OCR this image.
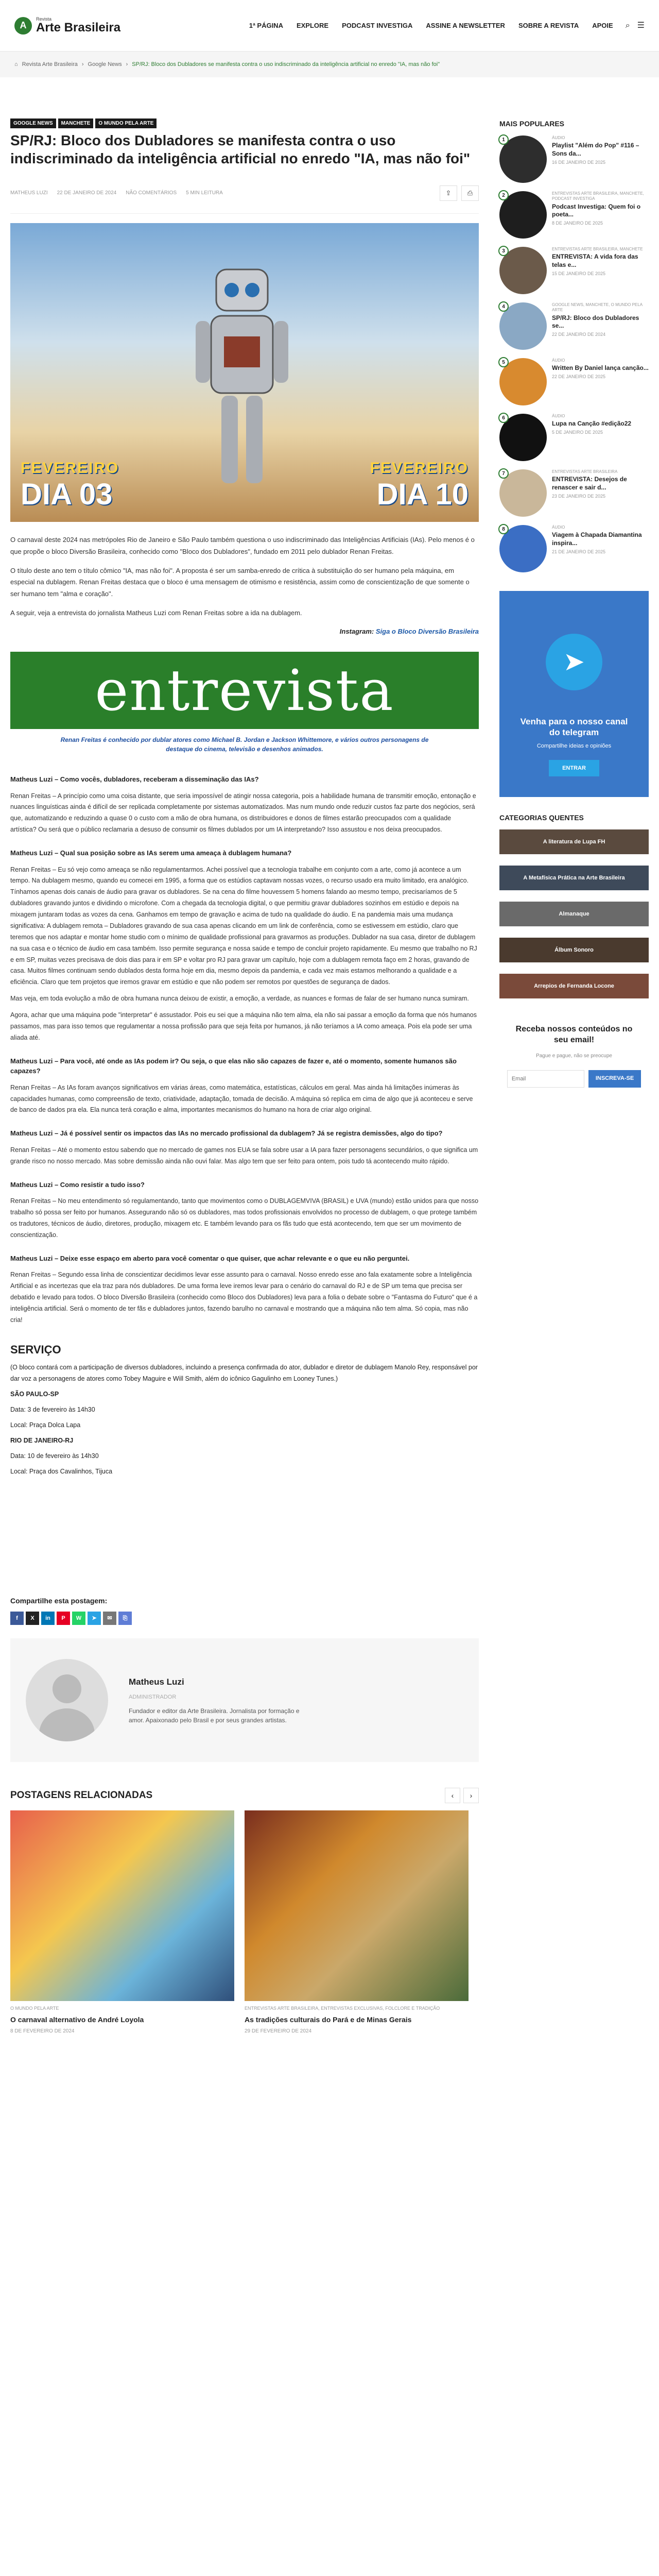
A
Revista
Arte Brasileira	1ª PÁGINA EXPLORE PODCAST INVESTIGA ASSINE A NEWSLETTER SOBRE A REVISTA APOIE ⌕ ☰
⌂ Revista Arte Brasileira › Google News › SP/RJ: Bloco dos Dubladores se manifesta contra o uso indiscriminado da inteligência artificial no enredo "IA, mas não foi"
GOOGLE NEWS	MANCHETE	O MUNDO PELA ARTE
SP/RJ: Bloco dos Dubladores se manifesta contra o uso indiscriminado da inteligência artificial no enredo "IA, mas não foi"
MATHEUS LUZI 22 DE JANEIRO DE 2024 NÃO COMENTÁRIOS 5 MIN LEITURA	⇪	⎙
FEVEREIRO
DIA 03
FEVEREIRO
DIA 10

O carnaval deste 2024 nas metrópoles Rio de Janeiro e São Paulo também questiona o uso indiscriminado das Inteligências Artificiais (IAs). Pelo menos é o que propõe o bloco Diversão Brasileira, conhecido como "Bloco dos Dubladores", fundado em 2011 pelo dublador Renan Freitas.

O título deste ano tem o título cômico "IA, mas não foi". A proposta é ser um samba-enredo de crítica à substituição do ser humano pela máquina, em especial na dublagem. Renan Freitas destaca que o bloco é uma mensagem de otimismo e resistência, assim como de conscientização de que somente o ser humano tem "alma e coração".

A seguir, veja a entrevista do jornalista Matheus Luzi com Renan Freitas sobre a ida na dublagem.

Instagram: Siga o Bloco Diversão Brasileira
entrevista
Renan Freitas é conhecido por dublar atores como Michael B. Jordan e Jackson Whittemore, e vários outros personagens de destaque do cinema, televisão e desenhos animados.
Matheus Luzi – Como vocês, dubladores, receberam a disseminação das IAs?

Renan Freitas – A princípio como uma coisa distante, que seria impossível de atingir nossa categoria, pois a habilidade humana de transmitir emoção, entonação e nuances linguísticas ainda é difícil de ser replicada completamente por sistemas automatizados. Mas num mundo onde reduzir custos faz parte dos negócios, será que, automatizando e reduzindo a quase 0 o custo com a mão de obra humana, os distribuidores e donos de filmes estarão preocupados com a qualidade artística? Ou será que o público reclamaria a desuso de consumir os filmes dublados por um IA interpretando? Isso assustou e nos deixa preocupados.

Matheus Luzi – Qual sua posição sobre as IAs serem uma ameaça à dublagem humana?

Renan Freitas – Eu só vejo como ameaça se não regulamentarmos. Achei possível que a tecnologia trabalhe em conjunto com a arte, como já acontece a um tempo. Na dublagem mesmo, quando eu comecei em 1995, a forma que os estúdios captavam nossas vozes, o recurso usado era muito limitado, era analógico. Tínhamos apenas dois canais de áudio para gravar os dubladores. Se na cena do filme houvessem 5 homens falando ao mesmo tempo, precisaríamos de 5 dubladores gravando juntos e dividindo o microfone. Com a chegada da tecnologia digital, o que permitiu gravar dubladores sozinhos em estúdio e depois na mixagem juntaram todas as vozes da cena. Ganhamos em tempo de gravação e acima de tudo na qualidade do áudio. E na pandemia mais uma mudança significativa: A dublagem remota – Dubladores gravando de sua casa apenas clicando em um link de conferência, como se estivessem em estúdio, claro que teremos que nos adaptar e montar home studio com o mínimo de qualidade profissional para gravarmos as produções. Dublador na sua casa, diretor de dublagem na sua casa e o técnico de áudio em casa também. Isso permite segurança e nossa saúde e tempo de concluir projeto rapidamente. Eu mesmo que trabalho no RJ e em SP, muitas vezes precisava de dois dias para ir em SP e voltar pro RJ para gravar um capítulo, hoje com a dublagem remota faço em 2 horas, gravando de casa. Muitos filmes continuam sendo dublados desta forma hoje em dia, mesmo depois da pandemia, e cada vez mais estamos melhorando a qualidade e a eficiência. Claro que tem projetos que iremos gravar em estúdio e que não podem ser remotos por questões de segurança de dados.

Mas veja, em toda evolução a mão de obra humana nunca deixou de existir, a emoção, a verdade, as nuances e formas de falar de ser humano nunca sumiram.

Agora, achar que uma máquina pode "interpretar" é assustador. Pois eu sei que a máquina não tem alma, ela não sai passar a emoção da forma que nós humanos passamos, mas para isso temos que regulamentar a nossa profissão para que seja feita por humanos, já não teríamos a IA como ameaça. Pois ela pode ser uma aliada até.

Matheus Luzi – Para você, até onde as IAs podem ir? Ou seja, o que elas não são capazes de fazer e, até o momento, somente humanos são capazes?

Renan Freitas – As IAs foram avanços significativos em várias áreas, como matemática, estatísticas, cálculos em geral. Mas ainda há limitações inúmeras às capacidades humanas, como compreensão de texto, criatividade, adaptação, tomada de decisão. A máquina só replica em cima de algo que já aconteceu e serve de banco de dados pra ela. Ela nunca terá coração e alma, importantes mecanismos do humano na hora de criar algo original.

Matheus Luzi – Já é possível sentir os impactos das IAs no mercado profissional da dublagem? Já se registra demissões, algo do tipo?

Renan Freitas – Até o momento estou sabendo que no mercado de games nos EUA se fala sobre usar a IA para fazer personagens secundários, o que significa um grande risco no nosso mercado. Mas sobre demissão ainda não ouvi falar. Mas algo tem que ser feito para ontem, pois tudo tá acontecendo muito rápido.

Matheus Luzi – Como resistir a tudo isso?

Renan Freitas – No meu entendimento só regulamentando, tanto que movimentos como o DUBLAGEMVIVA (BRASIL) e UVA (mundo) estão unidos para que nosso trabalho só possa ser feito por humanos. Assegurando não só os dubladores, mas todos profissionais envolvidos no processo de dublagem, o que protege também os tradutores, técnicos de áudio, diretores, produção, mixagem etc. E também levando para os fãs tudo que está acontecendo, tem que ser um movimento de conscientização.

Matheus Luzi – Deixe esse espaço em aberto para você comentar o que quiser, que achar relevante e o que eu não perguntei.

Renan Freitas – Segundo essa linha de conscientizar decidimos levar esse assunto para o carnaval. Nosso enredo esse ano fala exatamente sobre a Inteligência Artificial e as incertezas que ela traz para nós dubladores. De uma forma leve iremos levar para o cenário do carnaval do RJ e de SP um tema que precisa ser debatido e levado para todos. O bloco Diversão Brasileira (conhecido como Bloco dos Dubladores) leva para a folia o debate sobre o "Fantasma do Futuro" que é a inteligência artificial. Será o momento de ter fãs e dubladores juntos, fazendo barulho no carnaval e mostrando que a máquina não tem alma. Só copia, mas não cria!

SERVIÇO

(O bloco contará com a participação de diversos dubladores, incluindo a presença confirmada do ator, dublador e diretor de dublagem Manolo Rey, responsável por dar voz a personagens de atores como Tobey Maguire e Will Smith, além do icônico Gagulinho em Looney Tunes.)

SÃO PAULO-SP

Data: 3 de fevereiro às 14h30

Local: Praça Dolca Lapa

RIO DE JANEIRO-RJ

Data: 10 de fevereiro às 14h30

Local: Praça dos Cavalinhos, Tijuca

Compartilhe esta postagem:
f	X	in	P	W	➤	✉	⎘
Matheus Luzi
ADMINISTRADOR
Fundador e editor da Arte Brasileira. Jornalista por formação e amor. Apaixonado pelo Brasil e por seus grandes artistas.
POSTAGENS RELACIONADAS	‹	›
O MUNDO PELA ARTE
O carnaval alternativo de André Loyola
8 DE FEVEREIRO DE 2024
ENTREVISTAS ARTE BRASILEIRA, ENTREVISTAS EXCLUSIVAS, FOLCLORE E TRADIÇÃO
As tradições culturais do Pará e de Minas Gerais
29 DE FEVEREIRO DE 2024
MAIS POPULARES
1	ÁUDIO
Playlist "Além do Pop" #116 – Sons da...
16 DE JANEIRO DE 2025
2	ENTREVISTAS ARTE BRASILEIRA, MANCHETE, PODCAST INVESTIGA
Podcast Investiga: Quem foi o poeta...
8 DE JANEIRO DE 2025
3	ENTREVISTAS ARTE BRASILEIRA, MANCHETE
ENTREVISTA: A vida fora das telas e...
15 DE JANEIRO DE 2025
4	GOOGLE NEWS, MANCHETE, O MUNDO PELA ARTE
SP/RJ: Bloco dos Dubladores se...
22 DE JANEIRO DE 2024
5	ÁUDIO
Written By Daniel lança canção...
22 DE JANEIRO DE 2025
6	ÁUDIO
Lupa na Canção #edição22
5 DE JANEIRO DE 2025
7	ENTREVISTAS ARTE BRASILEIRA
ENTREVISTA: Desejos de renascer e sair d...
23 DE JANEIRO DE 2025
8	ÁUDIO
Viagem à Chapada Diamantina inspira...
21 DE JANEIRO DE 2025
➤
Venha para o nosso canal do telegram
Compartilhe ideias e opiniões
ENTRAR
CATEGORIAS QUENTES
A literatura de Lupa FH
A Metafísica Prática na Arte Brasileira
Almanaque
Álbum Sonoro
Arrepios de Fernanda Locone
Receba nossos conteúdos no seu email!
Pague e pague, não se preocupe
Email
INSCREVA-SE
